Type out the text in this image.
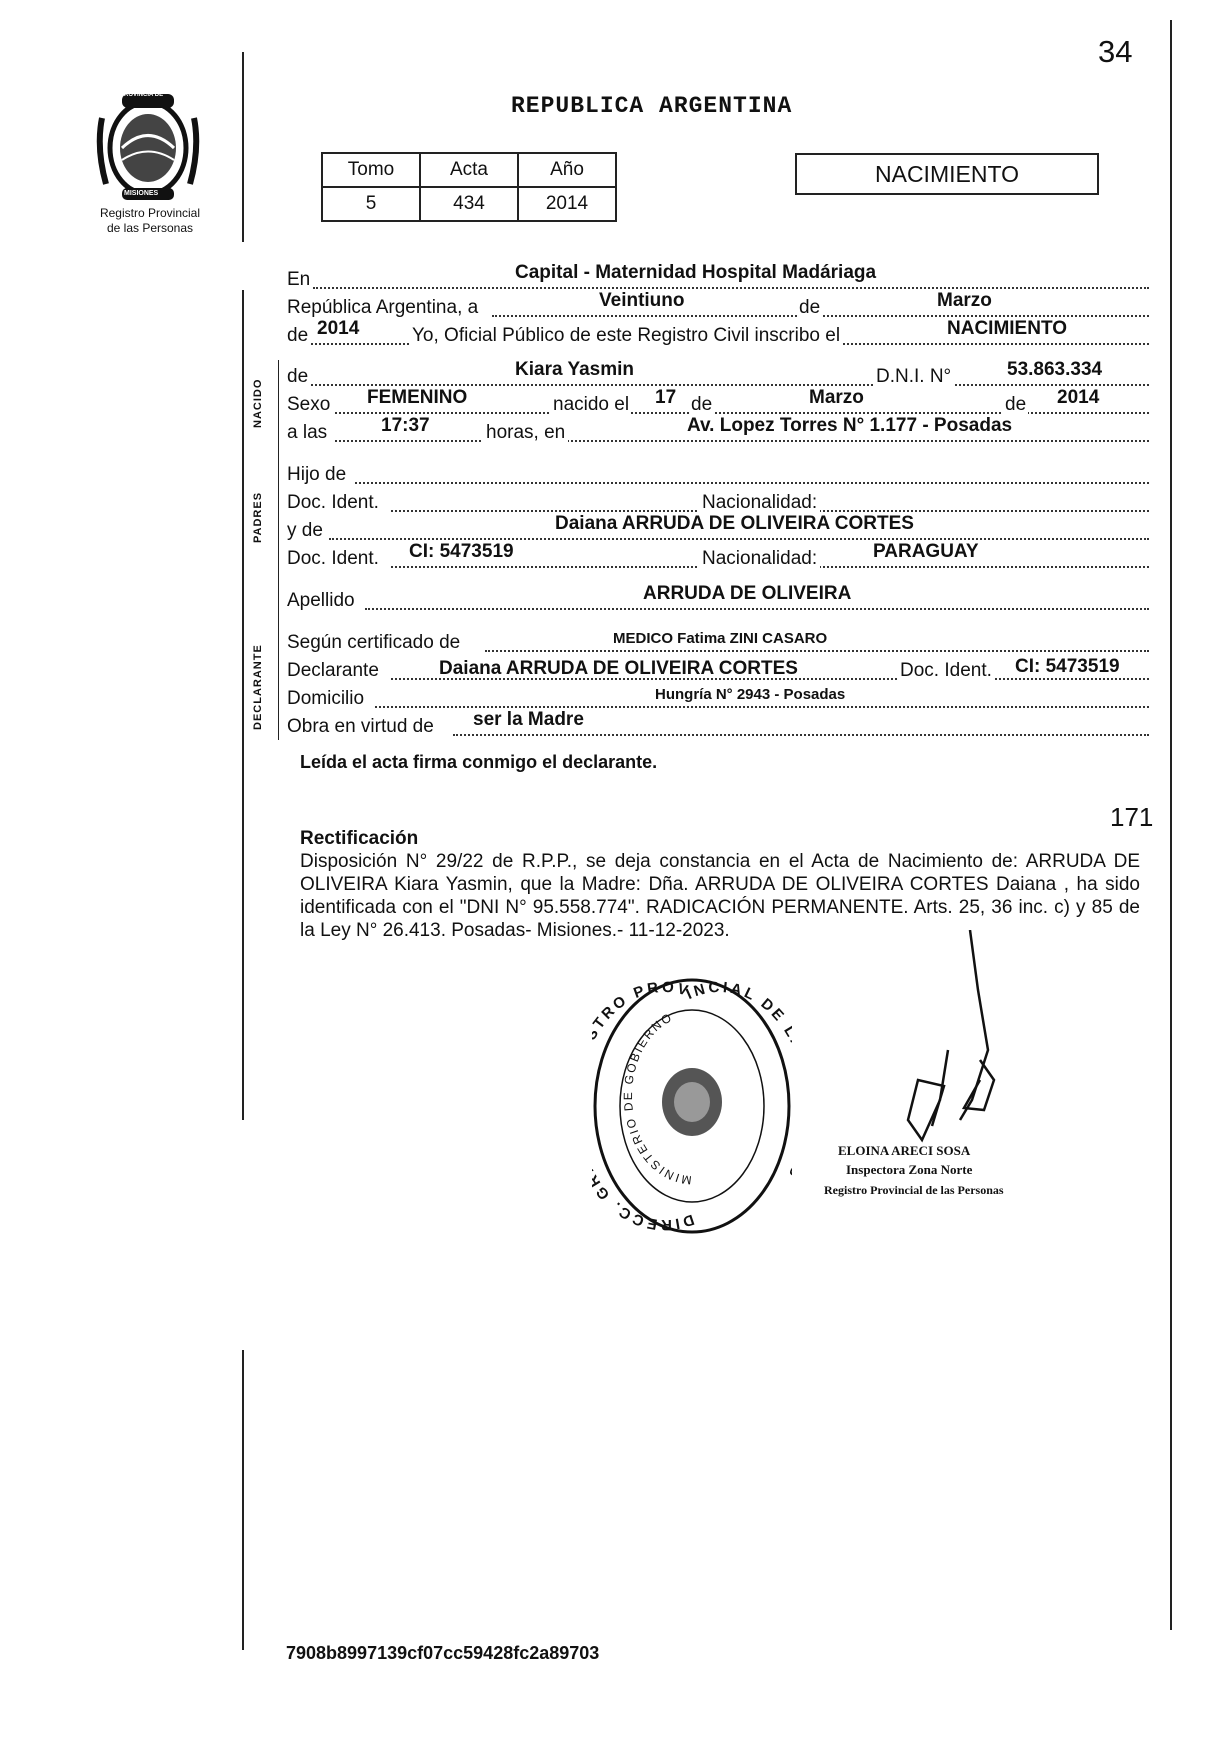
34
PROVINCIA DE
MISIONES
Registro Provincial
de las Personas
REPUBLICA ARGENTINA
Tomo	Acta	Año
5	434	2014
NACIMIENTO
NACIDO
PADRES
DECLARANTE
En	Capital - Maternidad Hospital Madáriaga
República Argentina, a	Veintiuno	de	Marzo
de 2014	Yo, Oficial Público de este Registro Civil inscribo el	NACIMIENTO
de	Kiara Yasmin	D.N.I. N°	53.863.334
Sexo FEMENINO	nacido el 17 de	Marzo	de 2014
a las	17:37	horas, en	Av. Lopez Torres N° 1.177 - Posadas
Hijo de
Doc. Ident.	Nacionalidad:
y de	Daiana ARRUDA DE OLIVEIRA CORTES
Doc. Ident. CI: 5473519	Nacionalidad:	PARAGUAY
Apellido	ARRUDA DE OLIVEIRA
Según certificado de	MEDICO Fatima ZINI CASARO
Declarante	Daiana ARRUDA DE OLIVEIRA CORTES	Doc. Ident. CI: 5473519
Domicilio	Hungría N° 2943 - Posadas
Obra en virtud de ser la Madre
Leída el acta firma conmigo el declarante.
171
Rectificación
Disposición N° 29/22 de R.P.P., se deja constancia en el Acta de Nacimiento de: ARRUDA DE OLIVEIRA Kiara Yasmin, que la Madre: Dña. ARRUDA DE OLIVEIRA CORTES Daiana , ha sido identificada con el "DNI N° 95.558.774". RADICACIÓN PERMANENTE. Arts. 25, 36 inc. c) y 85 de la Ley N° 26.413. Posadas- Misiones.- 11-12-2023.
DIRECC. G TRO PROVINCIAL DE
MINISTERIO DE GOBIERNO
ELOINA ARECI SOSA
Inspectora Zona Norte
Registro Provincial de las Personas
7908b8997139cf07cc59428fc2a89703
